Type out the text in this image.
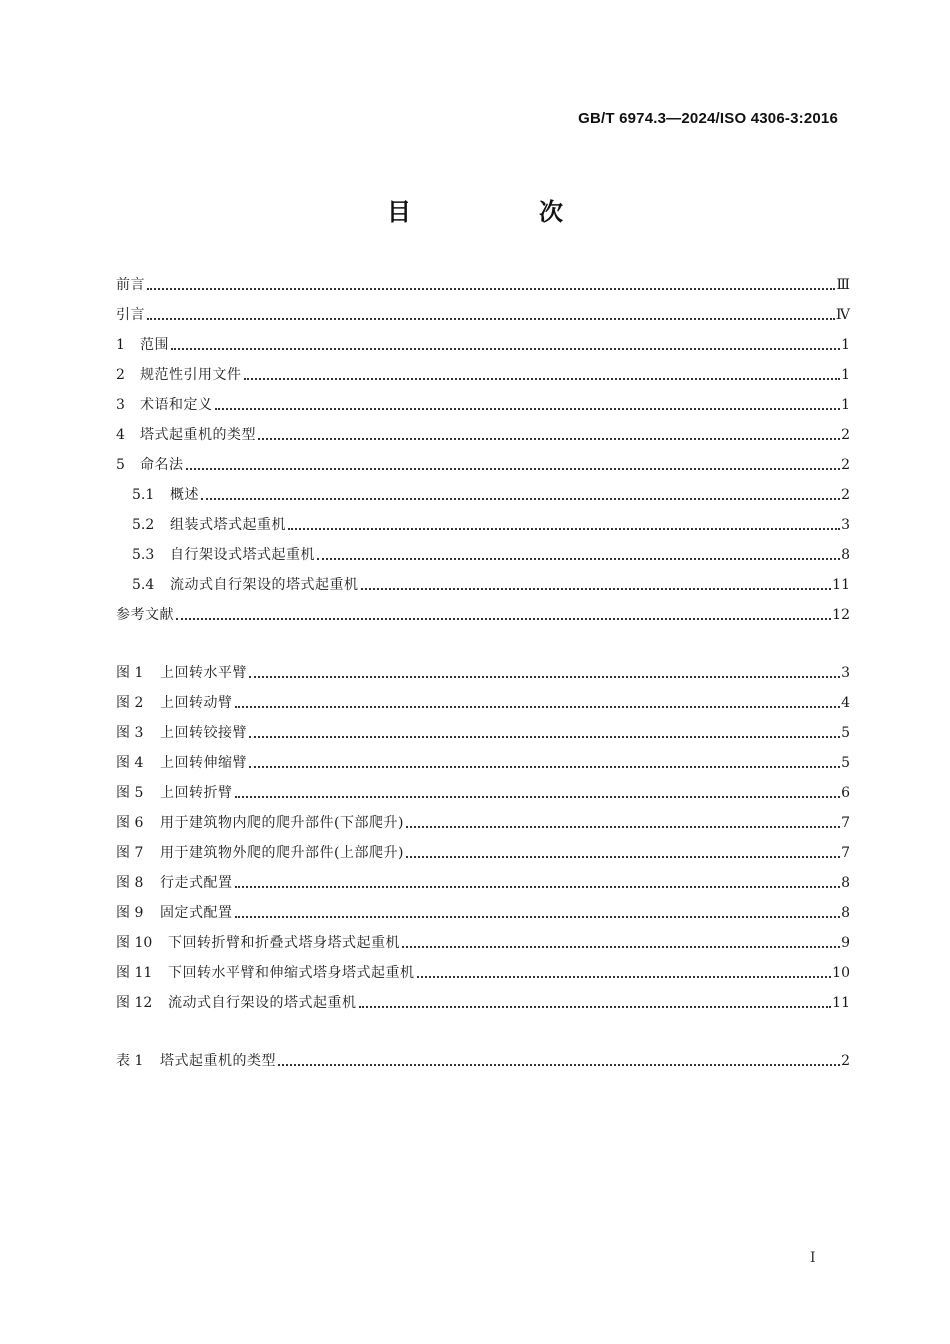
GB/T 6974.3—2024/ISO 4306-3:2016
目　次
前言	Ⅲ
引言	Ⅳ
1	范围	1
2	规范性引用文件	1
3	术语和定义	1
4	塔式起重机的类型	2
5	命名法	2
5.1	概述	2
5.2	组装式塔式起重机	3
5.3	自行架设式塔式起重机	8
5.4	流动式自行架设的塔式起重机	11
参考文献	12
图 1	上回转水平臂	3
图 2	上回转动臂	4
图 3	上回转铰接臂	5
图 4	上回转伸缩臂	5
图 5	上回转折臂	6
图 6	用于建筑物内爬的爬升部件(下部爬升)	7
图 7	用于建筑物外爬的爬升部件(上部爬升)	7
图 8	行走式配置	8
图 9	固定式配置	8
图 10	下回转折臂和折叠式塔身塔式起重机	9
图 11	下回转水平臂和伸缩式塔身塔式起重机	10
图 12	流动式自行架设的塔式起重机	11
表 1	塔式起重机的类型	2
I
